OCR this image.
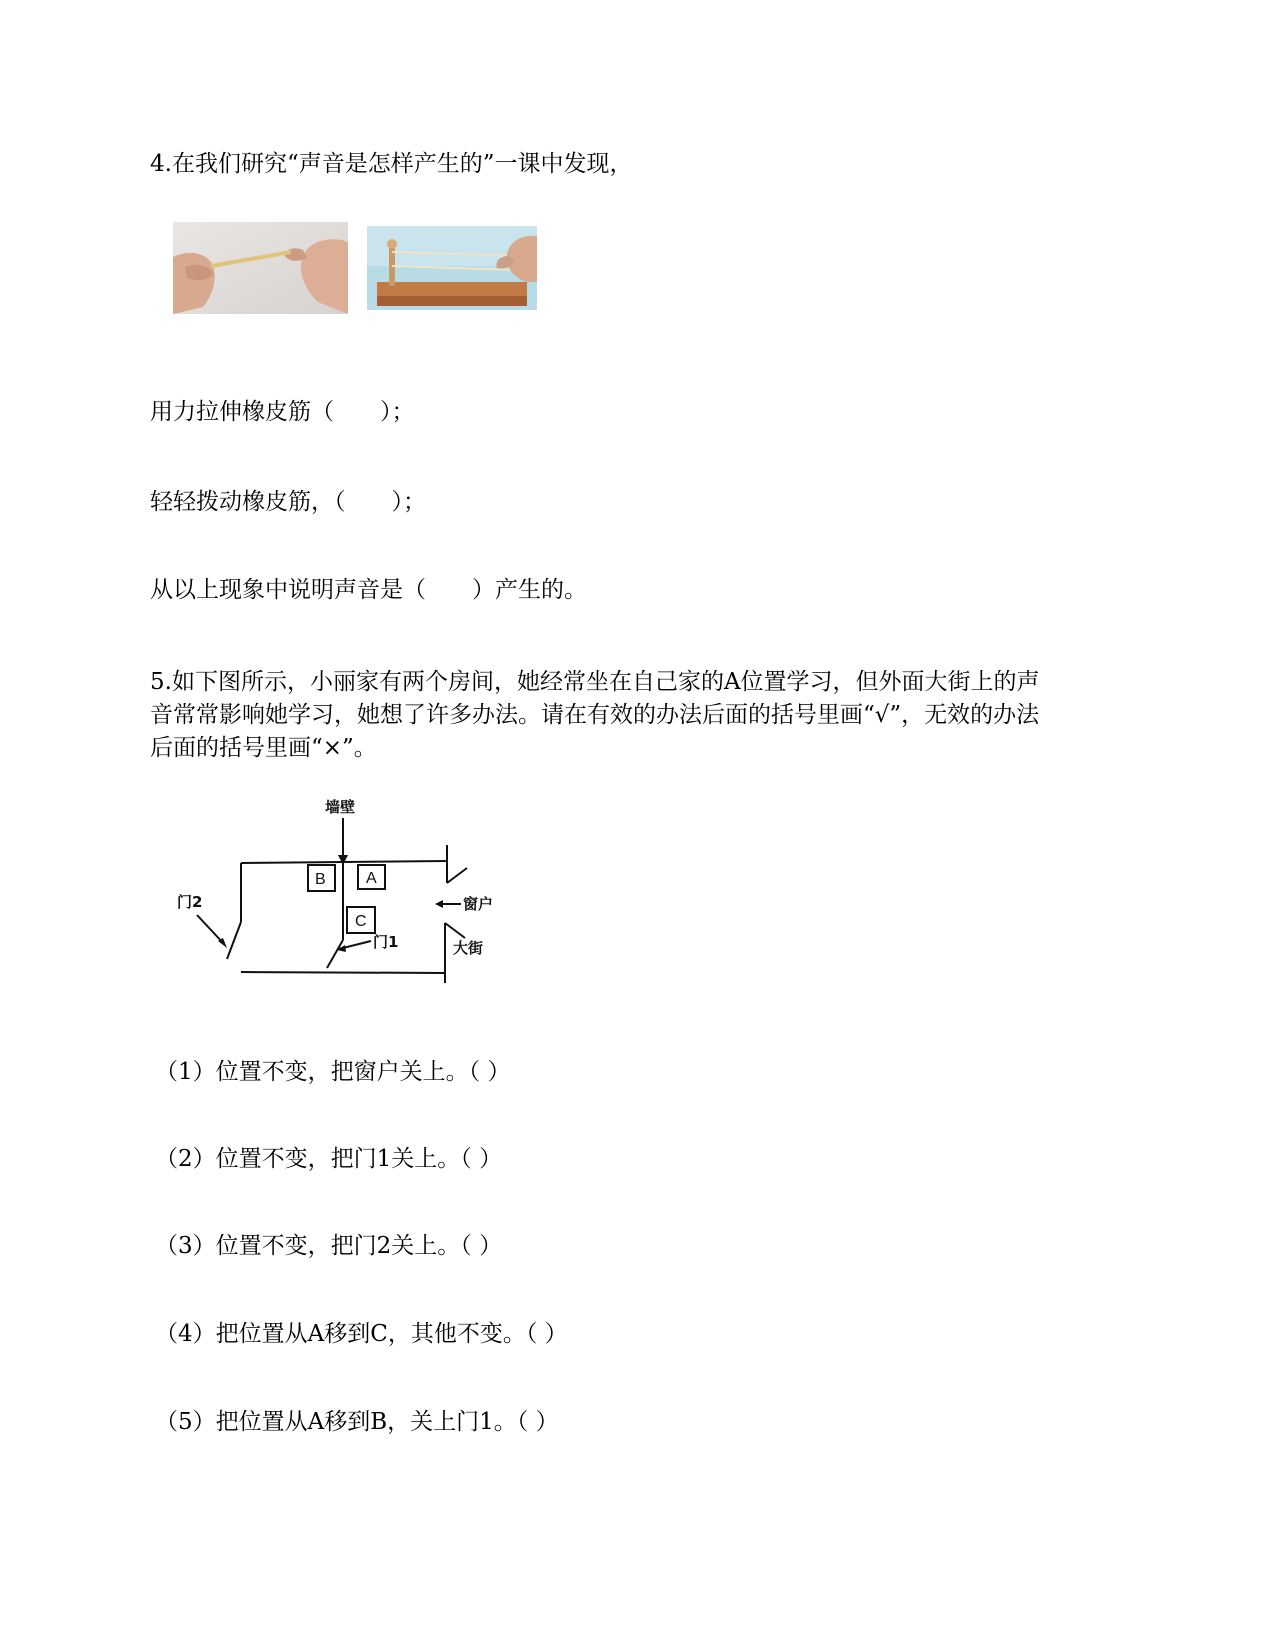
4.在我们研究“声音是怎样产生的”一课中发现，
用力拉伸橡皮筋（　　）；
轻轻拨动橡皮筋，（　　）；
从以上现象中说明声音是（　　）产生的。
5.如下图所示，小丽家有两个房间，她经常坐在自己家的A位置学习，但外面大街上的声
音常常影响她学习，她想了许多办法。请在有效的办法后面的括号里画“√”，无效的办法
后面的括号里画“×”。
墙壁
B	A
C
门2
门1
窗户
大街
（1）位置不变，把窗户关上。（ ）
（2）位置不变，把门1关上。（ ）
（3）位置不变，把门2关上。（ ）
（4）把位置从A移到C，其他不变。（ ）
（5）把位置从A移到B，关上门1。（ ）
